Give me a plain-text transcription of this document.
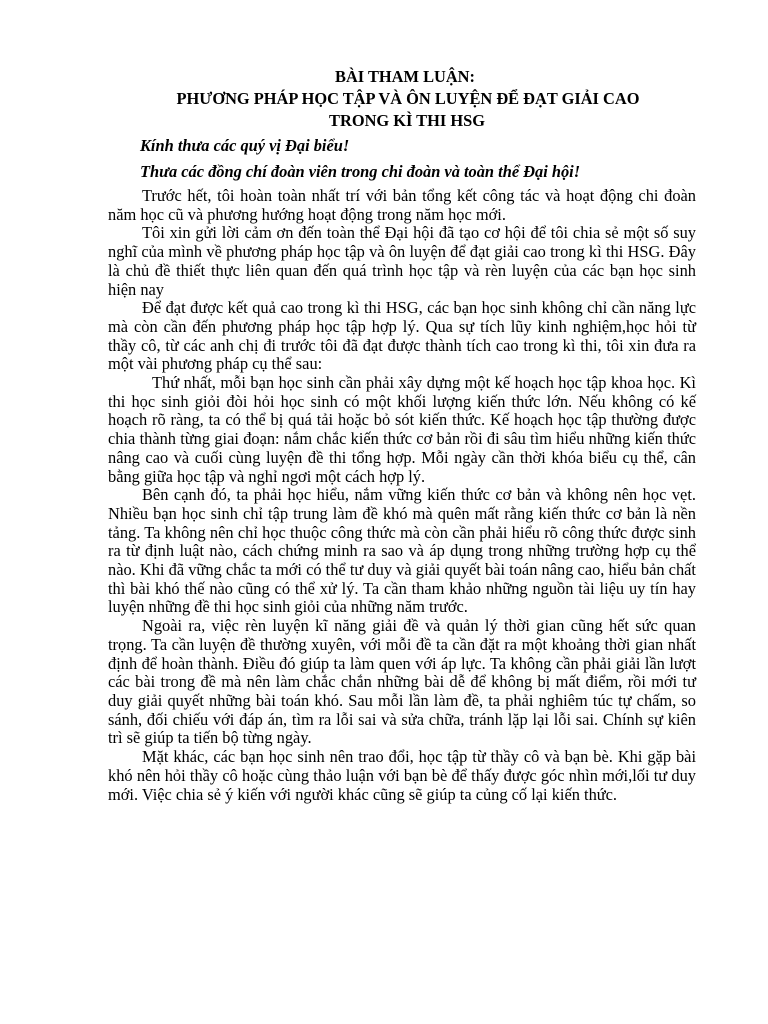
BÀI THAM LUẬN:
PHƯƠNG PHÁP HỌC TẬP VÀ ÔN LUYỆN ĐỂ ĐẠT GIẢI CAO
TRONG KÌ THI HSG

Kính thưa các quý vị Đại biểu!

Thưa các đồng chí đoàn viên trong chi đoàn và toàn thể Đại hội!

Trước hết, tôi hoàn toàn nhất trí với bản tổng kết công tác và hoạt động chi đoàn năm học cũ và phương hướng hoạt động trong năm học mới.

Tôi xin gửi lời cảm ơn đến toàn thể Đại hội đã tạo cơ hội để tôi chia sẻ một số suy nghĩ của mình về phương pháp học tập và ôn luyện để đạt giải cao trong kì thi HSG. Đây là chủ đề thiết thực liên quan đến quá trình học tập và rèn luyện của các bạn học sinh hiện nay

Để đạt được kết quả cao trong kì thi HSG, các bạn học sinh không chỉ cần năng lực mà còn cần đến phương pháp học tập hợp lý. Qua sự tích lũy kinh nghiệm,học hỏi từ thầy cô, từ các anh chị đi trước tôi đã đạt được thành tích cao trong kì thi, tôi xin đưa ra một vài phương pháp cụ thể sau:

Thứ nhất, mỗi bạn học sinh cần phải xây dựng một kế hoạch học tập khoa học. Kì thi học sinh giỏi đòi hỏi học sinh có một khối lượng kiến thức lớn. Nếu không có kế hoạch rõ ràng, ta có thể bị quá tải hoặc bỏ sót kiến thức. Kế hoạch học tập thường được chia thành từng giai đoạn: nắm chắc kiến thức cơ bản rồi đi sâu tìm hiểu những kiến thức nâng cao và cuối cùng luyện đề thi tổng hợp. Mỗi ngày cần thời khóa biểu cụ thể, cân bằng giữa học tập và nghỉ ngơi một cách hợp lý.

Bên cạnh đó, ta phải học hiểu, nắm vững kiến thức cơ bản và không nên học vẹt. Nhiều bạn học sinh chỉ tập trung làm đề khó mà quên mất rằng kiến thức cơ bản là nền tảng. Ta không nên chỉ học thuộc công thức mà còn cần phải hiểu rõ công thức được sinh ra từ định luật nào, cách chứng minh ra sao và áp dụng trong những trường hợp cụ thể nào. Khi đã vững chắc ta mới có thể tư duy và giải quyết bài toán nâng cao, hiểu bản chất thì bài khó thế nào cũng có thể xử lý. Ta cần tham khảo những nguồn tài liệu uy tín hay luyện những đề thi học sinh giỏi của những năm trước.

Ngoài ra, việc rèn luyện kĩ năng giải đề và quản lý thời gian cũng hết sức quan trọng. Ta cần luyện đề thường xuyên, với mỗi đề ta cần đặt ra một khoảng thời gian nhất định để hoàn thành. Điều đó giúp ta làm quen với áp lực. Ta không cần phải giải lần lượt các bài trong đề mà nên làm chắc chắn những bài dễ để không bị mất điểm, rồi mới tư duy giải quyết những bài toán khó. Sau mỗi lần làm đề, ta phải nghiêm túc tự chấm, so sánh, đối chiếu với đáp án, tìm ra lỗi sai và sửa chữa, tránh lặp lại lỗi sai. Chính sự kiên trì sẽ giúp ta tiến bộ từng ngày.

Mặt khác, các bạn học sinh nên trao đổi, học tập từ thầy cô và bạn bè. Khi gặp bài khó nên hỏi thầy cô hoặc cùng thảo luận với bạn bè để thấy được góc nhìn mới,lối tư duy mới. Việc chia sẻ ý kiến với người khác cũng sẽ giúp ta củng cố lại kiến thức.
